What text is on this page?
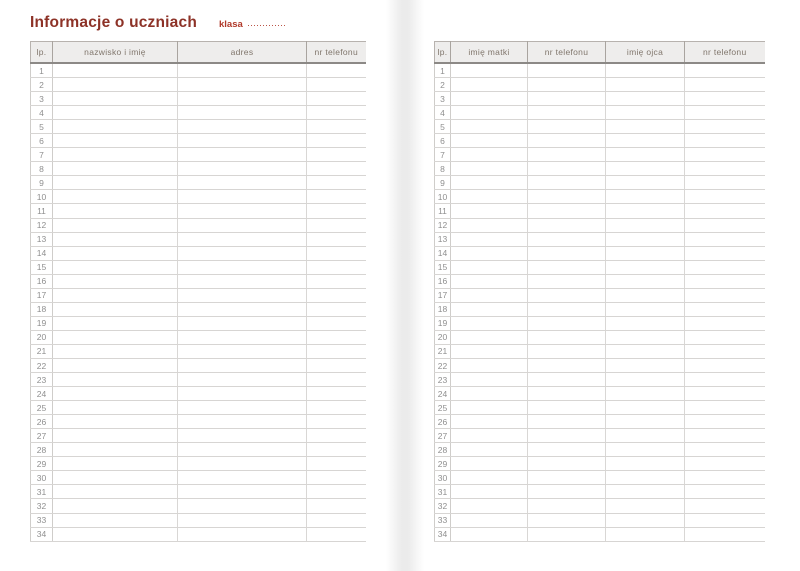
Informacje o uczniach klasa .............
lp.	nazwisko i imię	adres	nr telefonu
1			
2			
3			
4			
5			
6			
7			
8			
9			
10			
11			
12			
13			
14			
15			
16			
17			
18			
19			
20			
21			
22			
23			
24			
25			
26			
27			
28			
29			
30			
31			
32			
33			
34			
lp.	imię matki	nr telefonu	imię ojca	nr telefonu
1				
2				
3				
4				
5				
6				
7				
8				
9				
10				
11				
12				
13				
14				
15				
16				
17				
18				
19				
20				
21				
22				
23				
24				
25				
26				
27				
28				
29				
30				
31				
32				
33				
34				
